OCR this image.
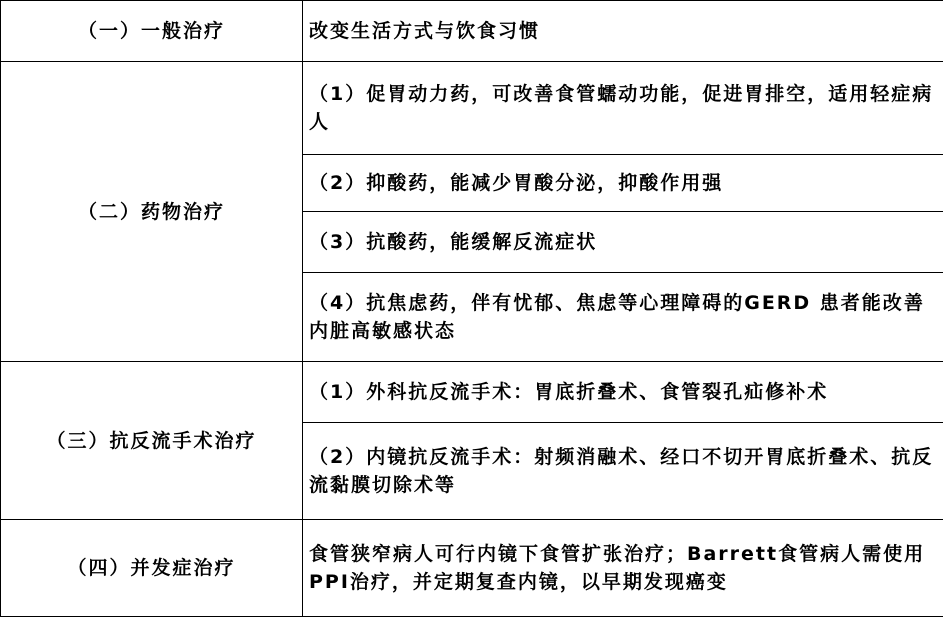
（一）一般治疗	改变生活方式与饮食习惯
（二）药物治疗	（1）促胃动力药，可改善食管蠕动功能，促进胃排空，适用轻症病人
	（2）抑酸药，能减少胃酸分泌，抑酸作用强
	（3）抗酸药，能缓解反流症状
	（4）抗焦虑药，伴有忧郁、焦虑等心理障碍的GERD 患者能改善内脏高敏感状态
（三）抗反流手术治疗	（1）外科抗反流手术：胃底折叠术、食管裂孔疝修补术
	（2）内镜抗反流手术：射频消融术、经口不切开胃底折叠术、抗反流黏膜切除术等
（四）并发症治疗	食管狭窄病人可行内镜下食管扩张治疗；Barrett食管病人需使用PPI治疗，并定期复查内镜，以早期发现癌变
